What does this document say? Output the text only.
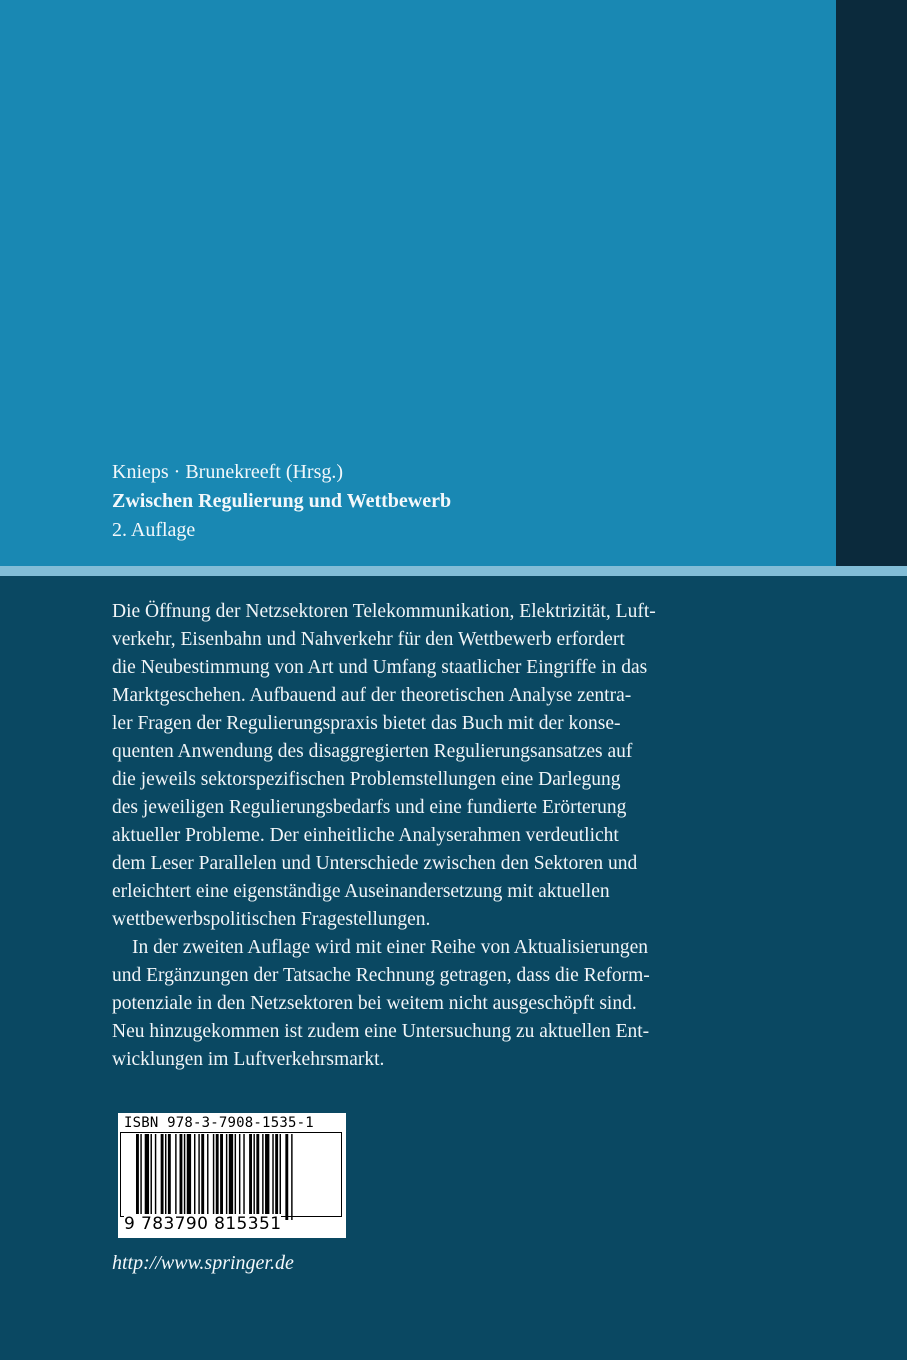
Knieps · Brunekreeft (Hrsg.)
Zwischen Regulierung und Wettbewerb
2. Auflage
Die Öffnung der Netzsektoren Telekommunikation, Elektrizität, Luft-
verkehr, Eisenbahn und Nahverkehr für den Wettbewerb erfordert
die Neubestimmung von Art und Umfang staatlicher Eingriffe in das
Marktgeschehen. Aufbauend auf der theoretischen Analyse zentra-
ler Fragen der Regulierungspraxis bietet das Buch mit der konse-
quenten Anwendung des disaggregierten Regulierungsansatzes auf
die jeweils sektorspezifischen Problemstellungen eine Darlegung
des jeweiligen Regulierungsbedarfs und eine fundierte Erörterung
aktueller Probleme. Der einheitliche Analyserahmen verdeutlicht
dem Leser Parallelen und Unterschiede zwischen den Sektoren und
erleichtert eine eigenständige Auseinandersetzung mit aktuellen
wettbewerbspolitischen Fragestellungen.
In der zweiten Auflage wird mit einer Reihe von Aktualisierungen
und Ergänzungen der Tatsache Rechnung getragen, dass die Reform-
potenziale in den Netzsektoren bei weitem nicht ausgeschöpft sind.
Neu hinzugekommen ist zudem eine Untersuchung zu aktuellen Ent-
wicklungen im Luftverkehrsmarkt.
ISBN 978-3-7908-1535-1
9 783790 815351
http://www.springer.de
